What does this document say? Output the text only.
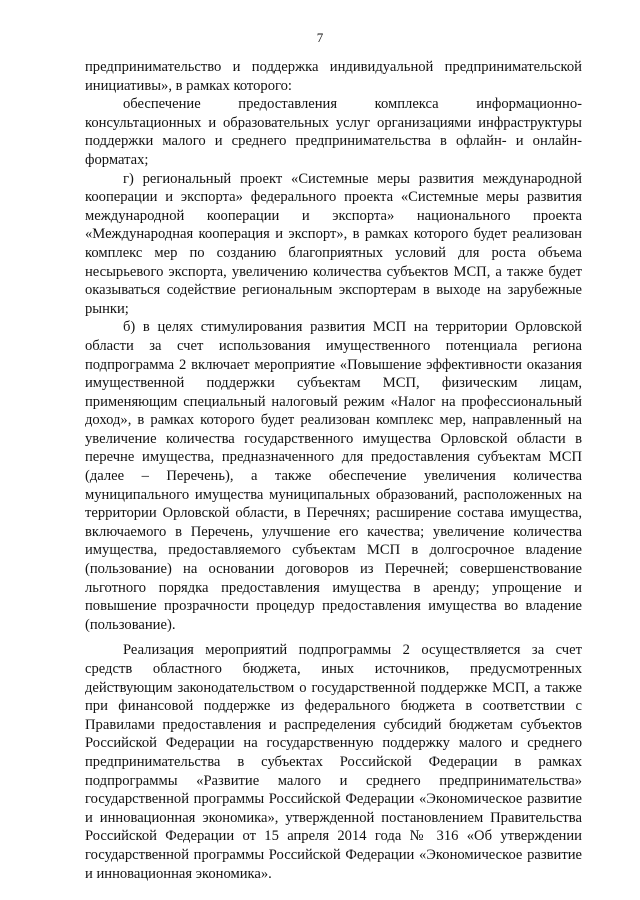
7

предпринимательство и поддержка индивидуальной предпринимательской инициативы», в рамках которого:

обеспечение предоставления комплекса информационно-консультационных и образовательных услуг организациями инфраструктуры поддержки малого и среднего предпринимательства в офлайн- и онлайн-форматах;

г) региональный проект «Системные меры развития международной кооперации и экспорта» федерального проекта «Системные меры развития международной кооперации и экспорта» национального проекта «Международная кооперация и экспорт», в рамках которого будет реализован комплекс мер по созданию благоприятных условий для роста объема несырьевого экспорта, увеличению количества субъектов МСП, а также будет оказываться содействие региональным экспортерам в выходе на зарубежные рынки;

б) в целях стимулирования развития МСП на территории Орловской области за счет использования имущественного потенциала региона подпрограмма 2 включает мероприятие «Повышение эффективности оказания имущественной поддержки субъектам МСП, физическим лицам, применяющим специальный налоговый режим «Налог на профессиональный доход», в рамках которого будет реализован комплекс мер, направленный на увеличение количества государственного имущества Орловской области в перечне имущества, предназначенного для предоставления субъектам МСП (далее – Перечень), а также обеспечение увеличения количества муниципального имущества муниципальных образований, расположенных на территории Орловской области, в Перечнях; расширение состава имущества, включаемого в Перечень, улучшение его качества; увеличение количества имущества, предоставляемого субъектам МСП в долгосрочное владение (пользование) на основании договоров из Перечней; совершенствование льготного порядка предоставления имущества в аренду; упрощение и повышение прозрачности процедур предоставления имущества во владение (пользование).

Реализация мероприятий подпрограммы 2 осуществляется за счет средств областного бюджета, иных источников, предусмотренных действующим законодательством о государственной поддержке МСП, а также при финансовой поддержке из федерального бюджета в соответствии с Правилами предоставления и распределения субсидий бюджетам субъектов Российской Федерации на государственную поддержку малого и среднего предпринимательства в субъектах Российской Федерации в рамках подпрограммы «Развитие малого и среднего предпринимательства» государственной программы Российской Федерации «Экономическое развитие и инновационная экономика», утвержденной постановлением Правительства Российской Федерации от 15 апреля 2014 года № 316 «Об утверждении государственной программы Российской Федерации «Экономическое развитие и инновационная экономика».
